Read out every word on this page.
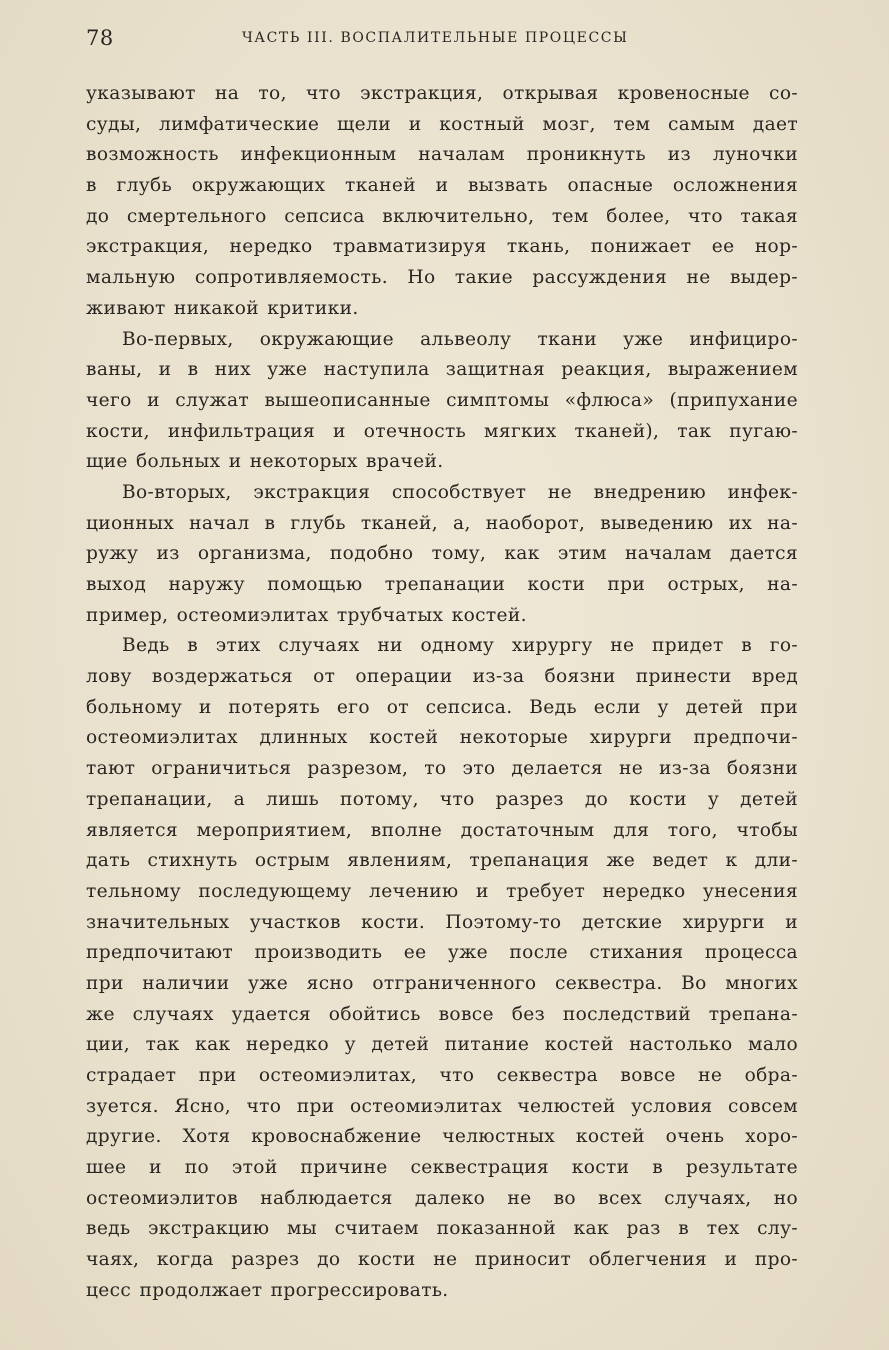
78	ЧАСТЬ III. ВОСПАЛИТЕЛЬНЫЕ ПРОЦЕССЫ
указывают на то, что экстракция, открывая кровеносные со-
суды, лимфатические щели и костный мозг, тем самым дает
возможность инфекционным началам проникнуть из луночки
в глубь окружающих тканей и вызвать опасные осложнения
до смертельного сепсиса включительно, тем более, что такая
экстракция, нередко травматизируя ткань, понижает ее нор-
мальную сопротивляемость. Но такие рассуждения не выдер-
живают никакой критики.
Во-первых, окружающие альвеолу ткани уже инфициро-
ваны, и в них уже наступила защитная реакция, выражением
чего и служат вышеописанные симптомы «флюса» (припухание
кости, инфильтрация и отечность мягких тканей), так пугаю-
щие больных и некоторых врачей.
Во-вторых, экстракция способствует не внедрению инфек-
ционных начал в глубь тканей, а, наоборот, выведению их на-
ружу из организма, подобно тому, как этим началам дается
выход наружу помощью трепанации кости при острых, на-
пример, остеомиэлитах трубчатых костей.
Ведь в этих случаях ни одному хирургу не придет в го-
лову воздержаться от операции из-за боязни принести вред
больному и потерять его от сепсиса. Ведь если у детей при
остеомиэлитах длинных костей некоторые хирурги предпочи-
тают ограничиться разрезом, то это делается не из-за боязни
трепанации, а лишь потому, что разрез до кости у детей
является мероприятием, вполне достаточным для того, чтобы
дать стихнуть острым явлениям, трепанация же ведет к дли-
тельному последующему лечению и требует нередко унесения
значительных участков кости. Поэтому-то детские хирурги и
предпочитают производить ее уже после стихания процесса
при наличии уже ясно отграниченного секвестра. Во многих
же случаях удается обойтись вовсе без последствий трепана-
ции, так как нередко у детей питание костей настолько мало
страдает при остеомиэлитах, что секвестра вовсе не обра-
зуется. Ясно, что при остеомиэлитах челюстей условия совсем
другие. Хотя кровоснабжение челюстных костей очень хоро-
шее и по этой причине секвестрация кости в результате
остеомиэлитов наблюдается далеко не во всех случаях, но
ведь экстракцию мы считаем показанной как раз в тех слу-
чаях, когда разрез до кости не приносит облегчения и про-
цесс продолжает прогрессировать.
